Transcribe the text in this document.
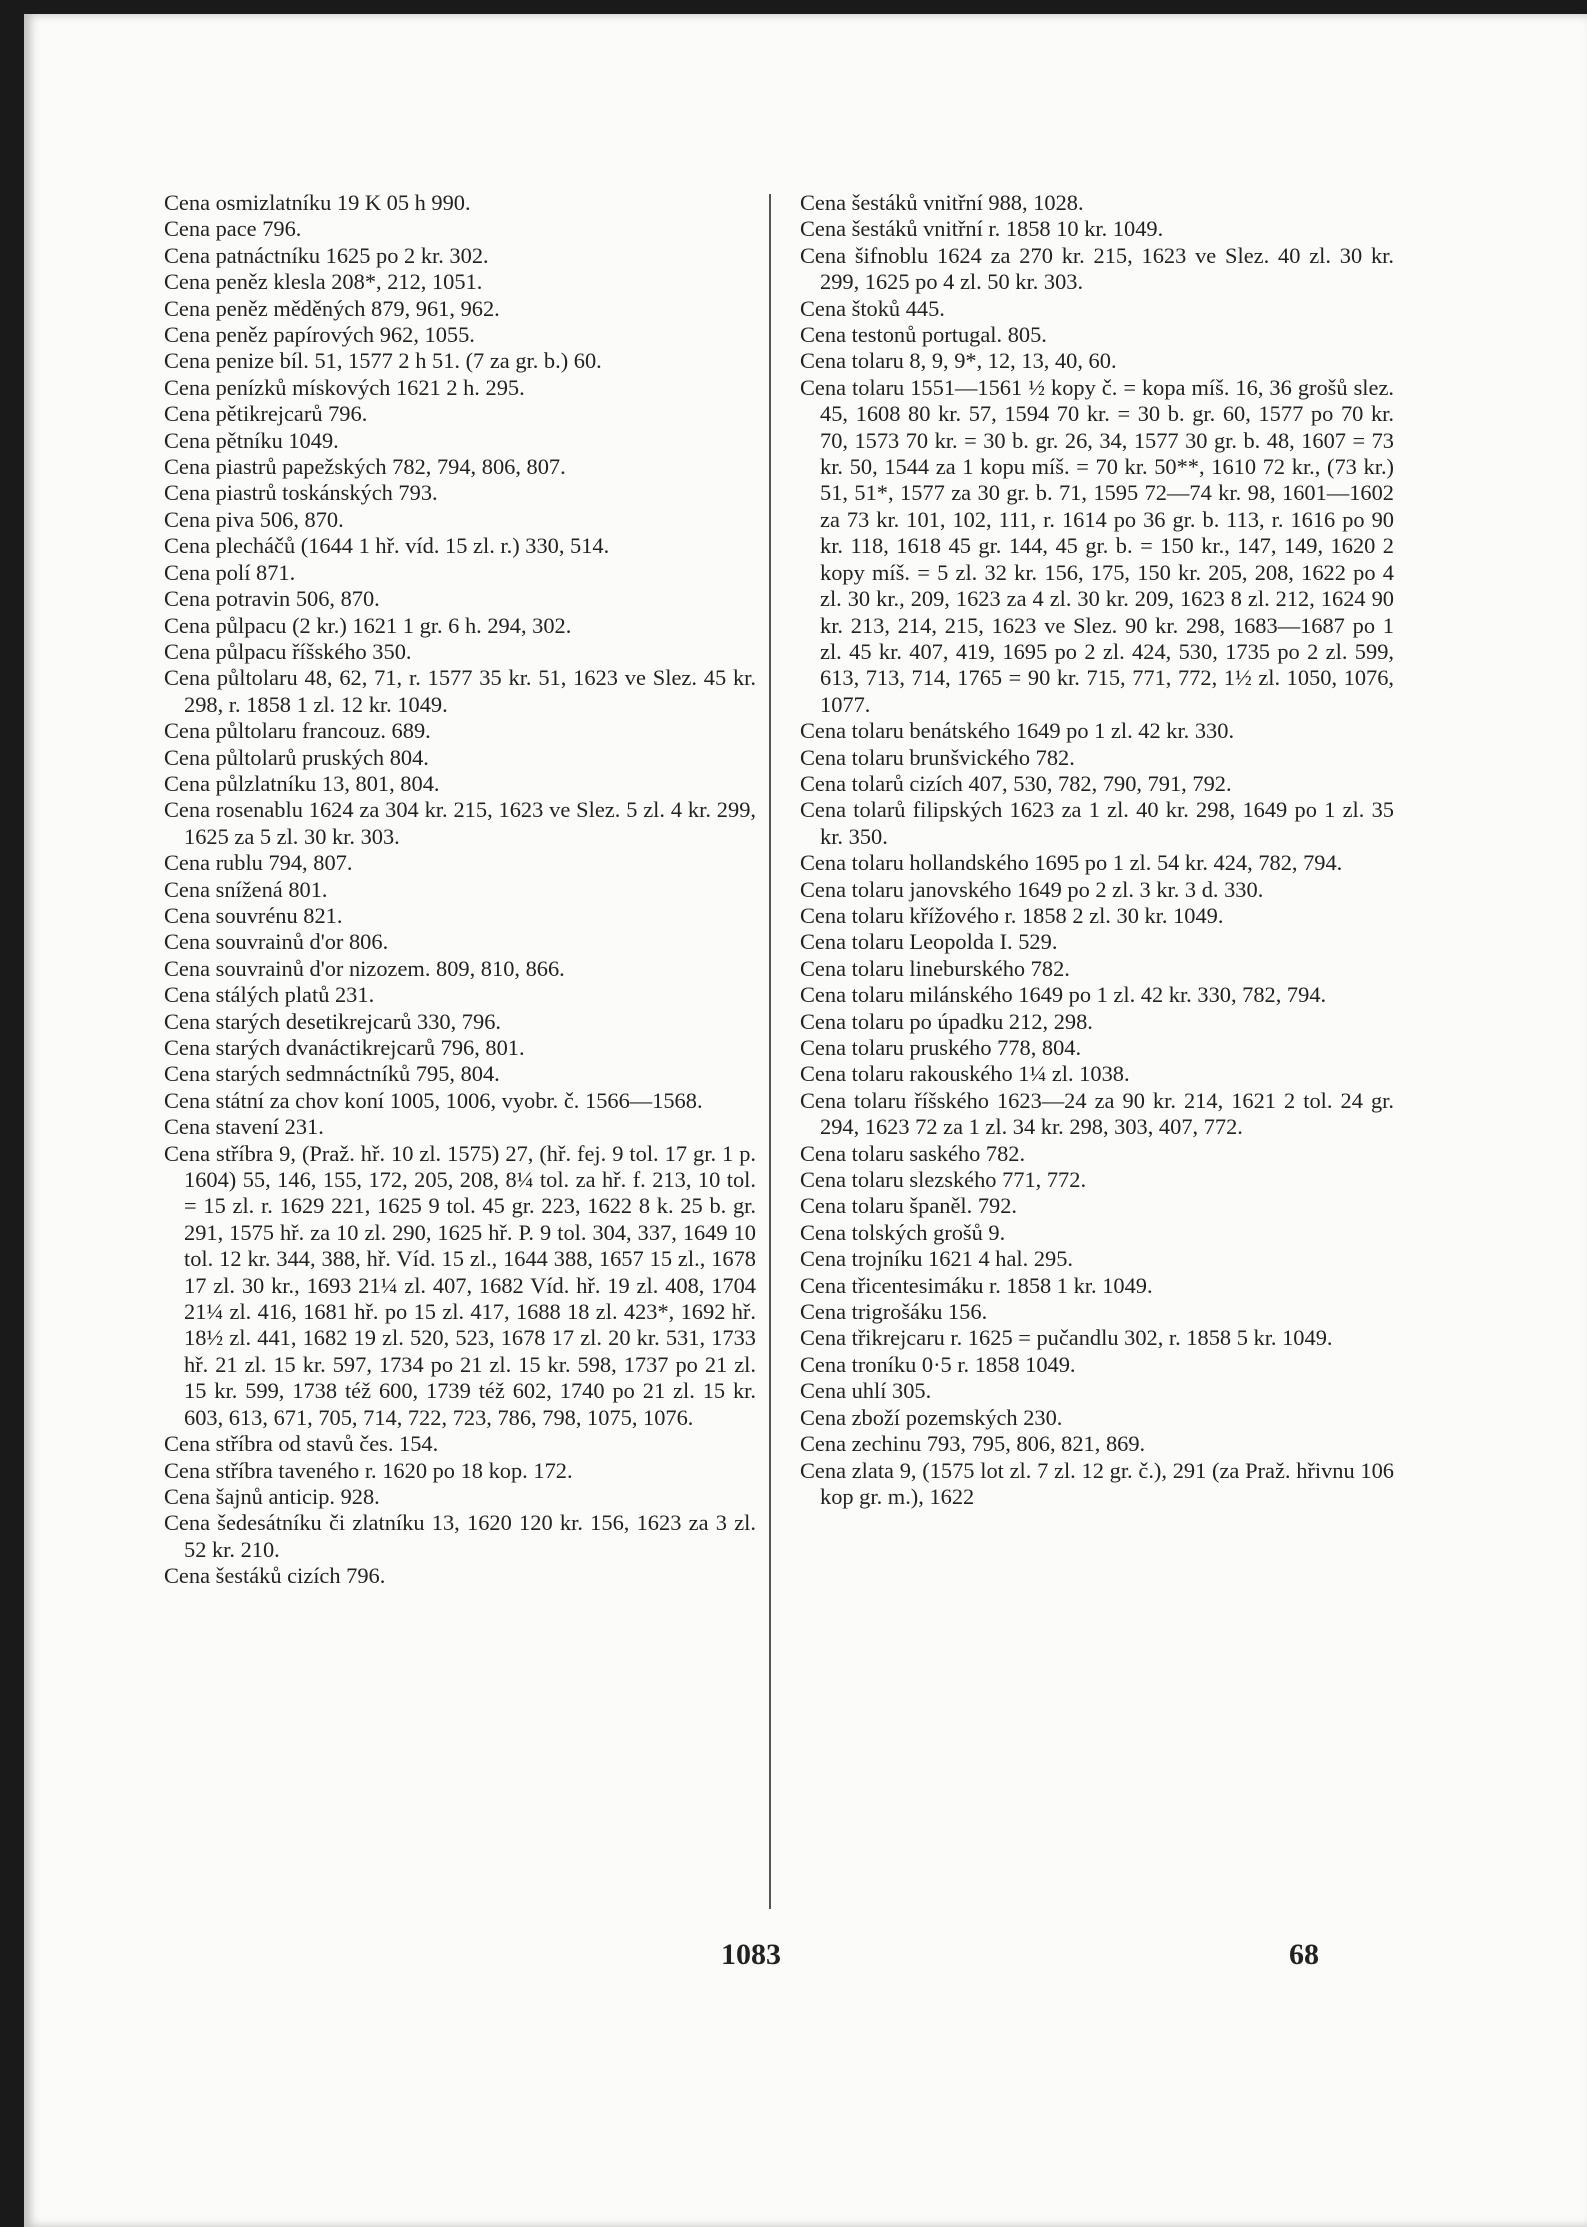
Cena osmizlatníku 19 K 05 h 990.

Cena pace 796.

Cena patnáctníku 1625 po 2 kr. 302.

Cena peněz klesla 208*, 212, 1051.

Cena peněz měděných 879, 961, 962.

Cena peněz papírových 962, 1055.

Cena penize bíl. 51, 1577 2 h 51. (7 za gr. b.) 60.

Cena penízků mískových 1621 2 h. 295.

Cena pětikrejcarů 796.

Cena pětníku 1049.

Cena piastrů papežských 782, 794, 806, 807.

Cena piastrů toskánských 793.

Cena piva 506, 870.

Cena plecháčů (1644 1 hř. víd. 15 zl. r.) 330, 514.

Cena polí 871.

Cena potravin 506, 870.

Cena půlpacu (2 kr.) 1621 1 gr. 6 h. 294, 302.

Cena půlpacu říšského 350.

Cena půltolaru 48, 62, 71, r. 1577 35 kr. 51, 1623 ve Slez. 45 kr. 298, r. 1858 1 zl. 12 kr. 1049.

Cena půltolaru francouz. 689.

Cena půltolarů pruských 804.

Cena půlzlatníku 13, 801, 804.

Cena rosenablu 1624 za 304 kr. 215, 1623 ve Slez. 5 zl. 4 kr. 299, 1625 za 5 zl. 30 kr. 303.

Cena rublu 794, 807.

Cena snížená 801.

Cena souvrénu 821.

Cena souvrainů d'or 806.

Cena souvrainů d'or nizozem. 809, 810, 866.

Cena stálých platů 231.

Cena starých desetikrejcarů 330, 796.

Cena starých dvanáctikrejcarů 796, 801.

Cena starých sedmnáctníků 795, 804.

Cena státní za chov koní 1005, 1006, vyobr. č. 1566—1568.

Cena stavení 231.

Cena stříbra 9, (Praž. hř. 10 zl. 1575) 27, (hř. fej. 9 tol. 17 gr. 1 p. 1604) 55, 146, 155, 172, 205, 208, 8¼ tol. za hř. f. 213, 10 tol. = 15 zl. r. 1629 221, 1625 9 tol. 45 gr. 223, 1622 8 k. 25 b. gr. 291, 1575 hř. za 10 zl. 290, 1625 hř. P. 9 tol. 304, 337, 1649 10 tol. 12 kr. 344, 388, hř. Víd. 15 zl., 1644 388, 1657 15 zl., 1678 17 zl. 30 kr., 1693 21¼ zl. 407, 1682 Víd. hř. 19 zl. 408, 1704 21¼ zl. 416, 1681 hř. po 15 zl. 417, 1688 18 zl. 423*, 1692 hř. 18½ zl. 441, 1682 19 zl. 520, 523, 1678 17 zl. 20 kr. 531, 1733 hř. 21 zl. 15 kr. 597, 1734 po 21 zl. 15 kr. 598, 1737 po 21 zl. 15 kr. 599, 1738 též 600, 1739 též 602, 1740 po 21 zl. 15 kr. 603, 613, 671, 705, 714, 722, 723, 786, 798, 1075, 1076.

Cena stříbra od stavů čes. 154.

Cena stříbra taveného r. 1620 po 18 kop. 172.

Cena šajnů anticip. 928.

Cena šedesátníku či zlatníku 13, 1620 120 kr. 156, 1623 za 3 zl. 52 kr. 210.

Cena šestáků cizích 796.

Cena šestáků vnitřní 988, 1028.

Cena šestáků vnitřní r. 1858 10 kr. 1049.

Cena šifnoblu 1624 za 270 kr. 215, 1623 ve Slez. 40 zl. 30 kr. 299, 1625 po 4 zl. 50 kr. 303.

Cena štoků 445.

Cena testonů portugal. 805.

Cena tolaru 8, 9, 9*, 12, 13, 40, 60.

Cena tolaru 1551—1561 ½ kopy č. = kopa míš. 16, 36 grošů slez. 45, 1608 80 kr. 57, 1594 70 kr. = 30 b. gr. 60, 1577 po 70 kr. 70, 1573 70 kr. = 30 b. gr. 26, 34, 1577 30 gr. b. 48, 1607 = 73 kr. 50, 1544 za 1 kopu míš. = 70 kr. 50**, 1610 72 kr., (73 kr.) 51, 51*, 1577 za 30 gr. b. 71, 1595 72—74 kr. 98, 1601—1602 za 73 kr. 101, 102, 111, r. 1614 po 36 gr. b. 113, r. 1616 po 90 kr. 118, 1618 45 gr. 144, 45 gr. b. = 150 kr., 147, 149, 1620 2 kopy míš. = 5 zl. 32 kr. 156, 175, 150 kr. 205, 208, 1622 po 4 zl. 30 kr., 209, 1623 za 4 zl. 30 kr. 209, 1623 8 zl. 212, 1624 90 kr. 213, 214, 215, 1623 ve Slez. 90 kr. 298, 1683—1687 po 1 zl. 45 kr. 407, 419, 1695 po 2 zl. 424, 530, 1735 po 2 zl. 599, 613, 713, 714, 1765 = 90 kr. 715, 771, 772, 1½ zl. 1050, 1076, 1077.

Cena tolaru benátského 1649 po 1 zl. 42 kr. 330.

Cena tolaru brunšvického 782.

Cena tolarů cizích 407, 530, 782, 790, 791, 792.

Cena tolarů filipských 1623 za 1 zl. 40 kr. 298, 1649 po 1 zl. 35 kr. 350.

Cena tolaru hollandského 1695 po 1 zl. 54 kr. 424, 782, 794.

Cena tolaru janovského 1649 po 2 zl. 3 kr. 3 d. 330.

Cena tolaru křížového r. 1858 2 zl. 30 kr. 1049.

Cena tolaru Leopolda I. 529.

Cena tolaru lineburského 782.

Cena tolaru milánského 1649 po 1 zl. 42 kr. 330, 782, 794.

Cena tolaru po úpadku 212, 298.

Cena tolaru pruského 778, 804.

Cena tolaru rakouského 1¼ zl. 1038.

Cena tolaru říšského 1623—24 za 90 kr. 214, 1621 2 tol. 24 gr. 294, 1623 72 za 1 zl. 34 kr. 298, 303, 407, 772.

Cena tolaru saského 782.

Cena tolaru slezského 771, 772.

Cena tolaru španěl. 792.

Cena tolských grošů 9.

Cena trojníku 1621 4 hal. 295.

Cena třicentesimáku r. 1858 1 kr. 1049.

Cena trigrošáku 156.

Cena třikrejcaru r. 1625 = pučandlu 302, r. 1858 5 kr. 1049.

Cena troníku 0·5 r. 1858 1049.

Cena uhlí 305.

Cena zboží pozemských 230.

Cena zechinu 793, 795, 806, 821, 869.

Cena zlata 9, (1575 lot zl. 7 zl. 12 gr. č.), 291 (za Praž. hřivnu 106 kop gr. m.), 1622

1083	68
